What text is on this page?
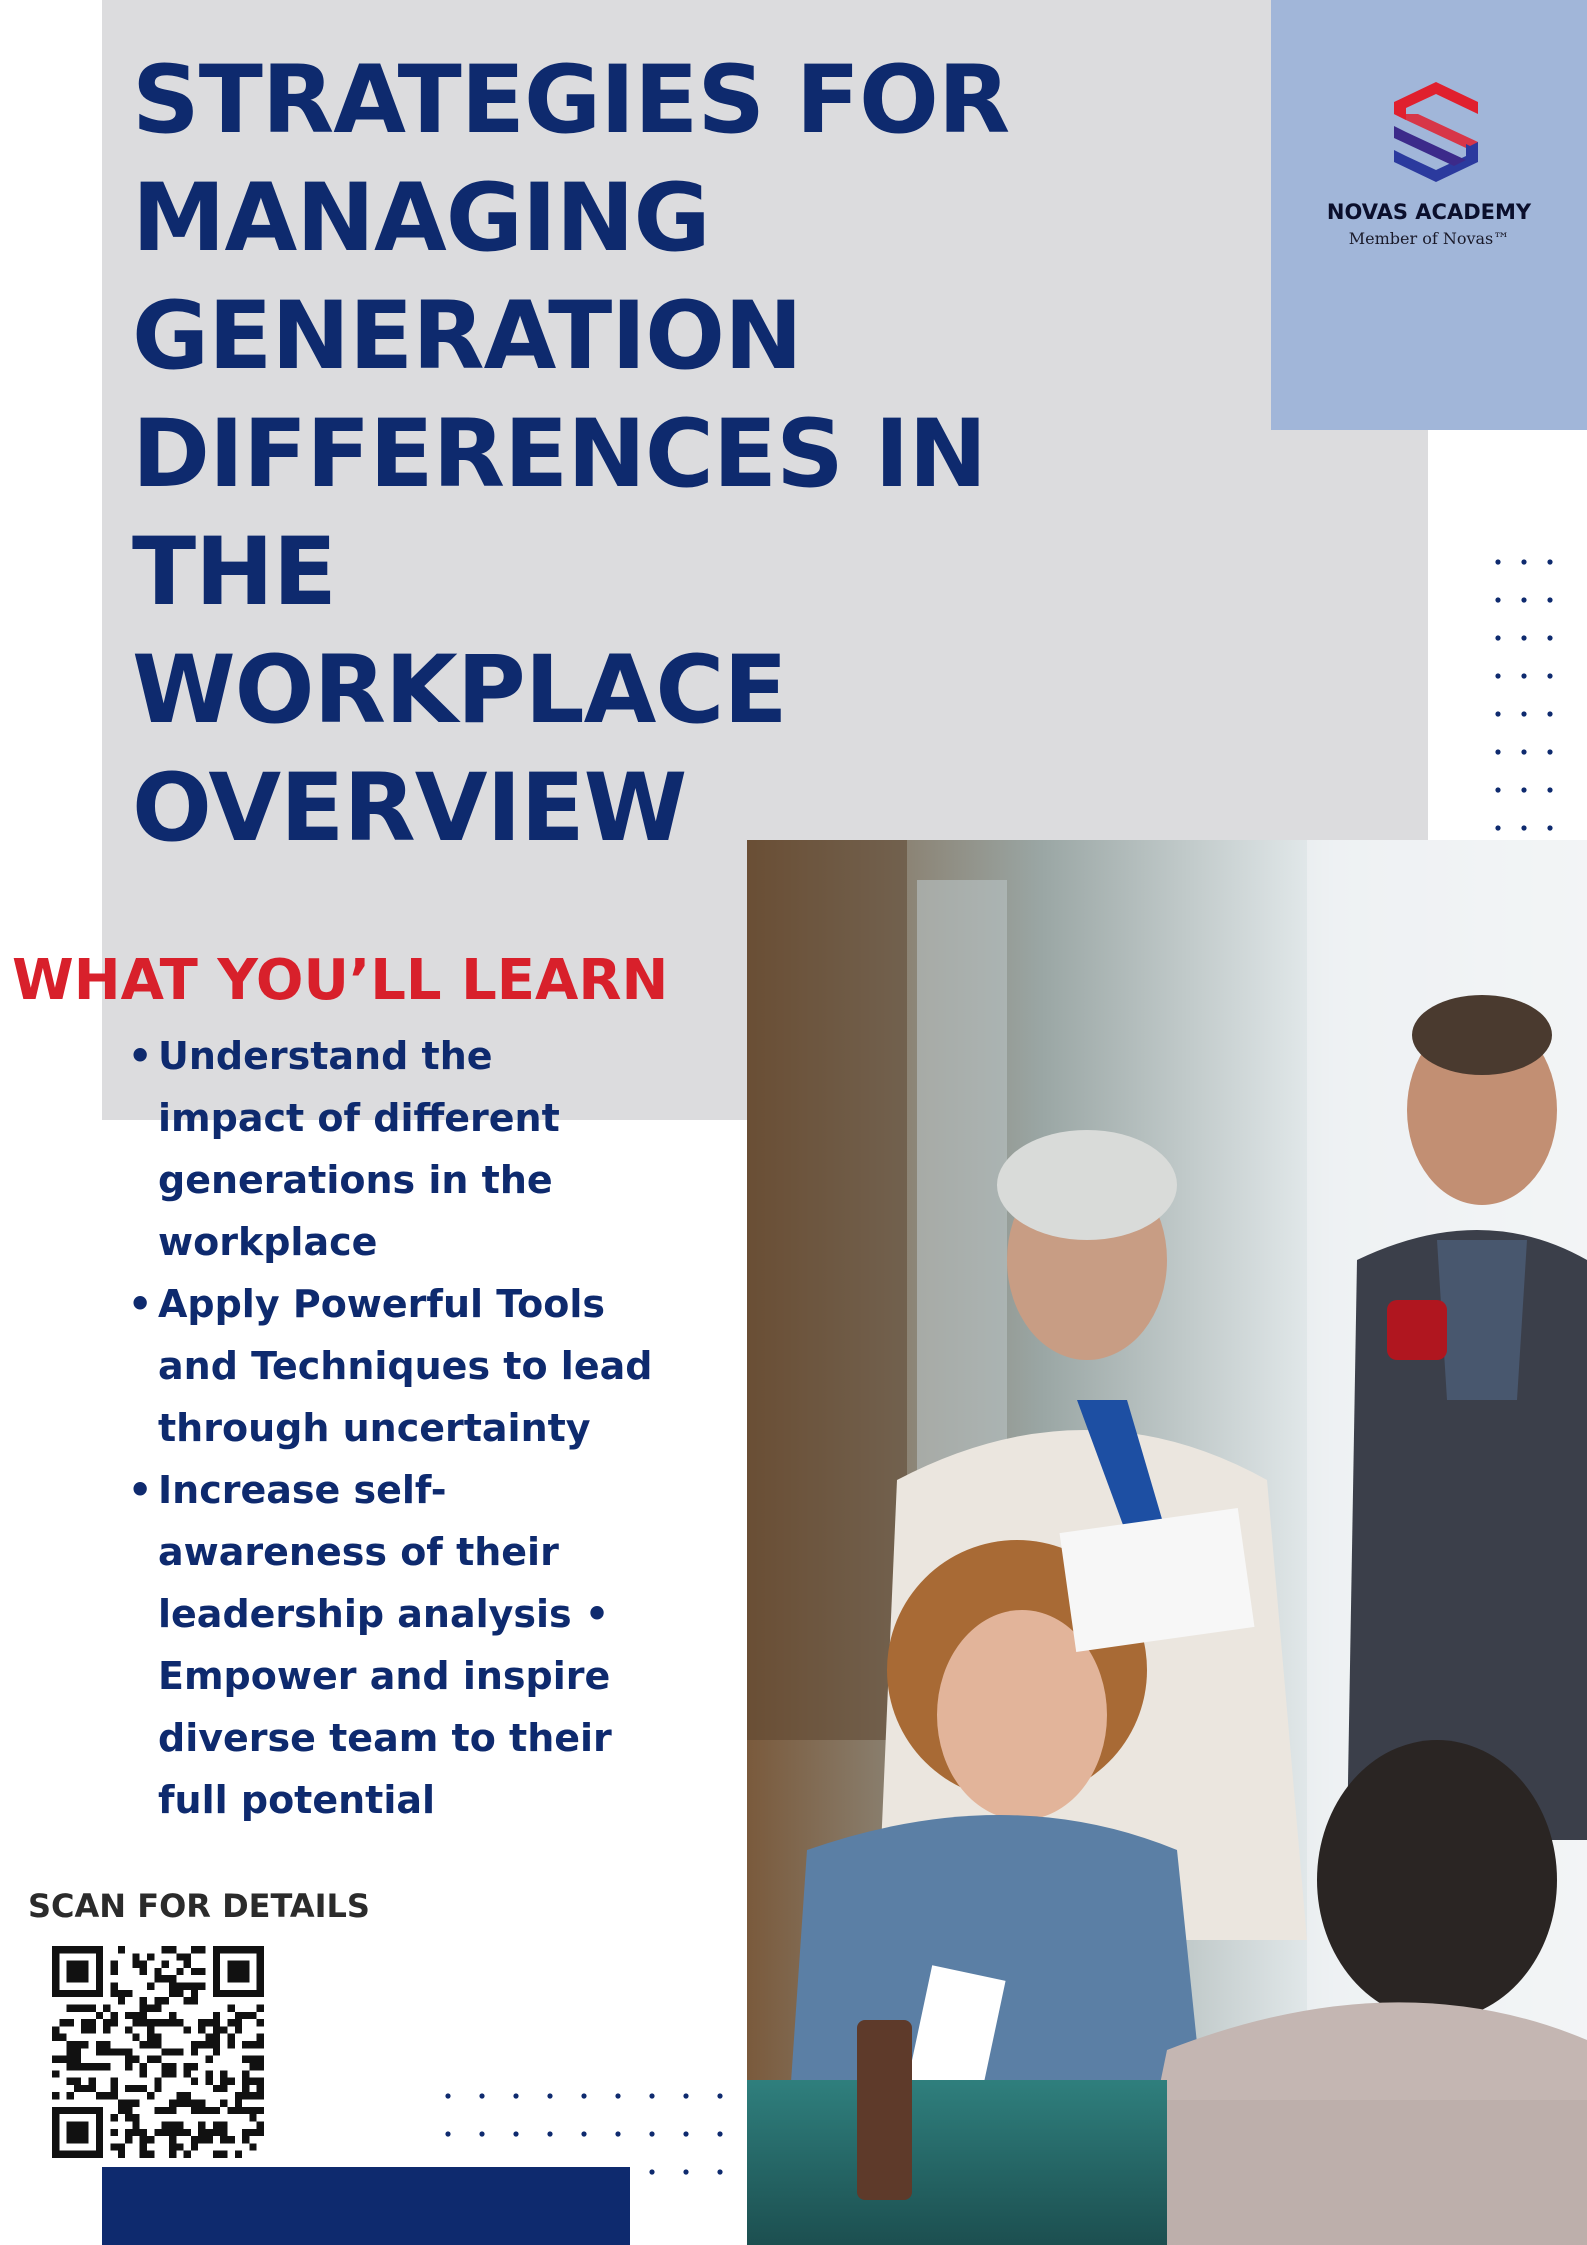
STRATEGIES FOR
MANAGING
GENERATION
DIFFERENCES IN
THE
WORKPLACE
OVERVIEW
NOVAS ACADEMY
Member of Novas™
WHAT YOU’LL LEARN
• Understand the
impact of different
generations in the
workplace
• Apply Powerful Tools
and Techniques to lead
through uncertainty
• Increase self-
awareness of their
leadership analysis •
Empower and inspire
diverse team to their
full potential
SCAN FOR DETAILS
